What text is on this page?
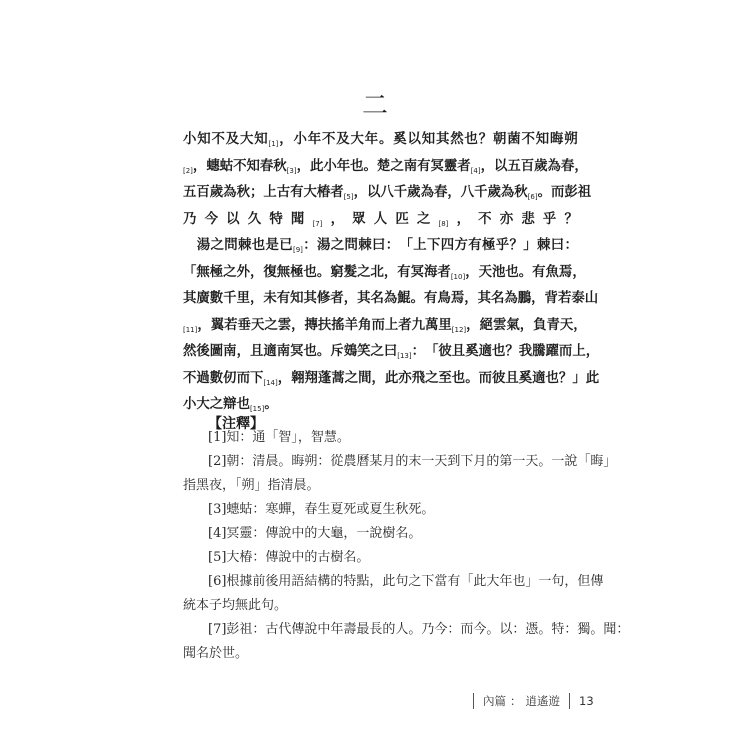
二
小 知 不 及 大 知 [1] ， 小 年 不 及 大 年 。 奚 以 知 其 然 也 ？ 朝 菌 不 知 晦 朔
[2] ， 蟪 蛄 不 知 春 秋 [3] ， 此 小 年 也 。 楚 之 南 有 冥 靈 者 [4] ， 以 五 百 歲 為 春 ，
五 百 歲 為 秋 ； 上 古 有 大 椿 者 [5] ， 以 八 千 歲 為 春 ， 八 千 歲 為 秋 [6] 。 而 彭 祖
乃 今 以 久 特 聞 [7] ， 眾 人 匹 之 [8] ， 不 亦 悲 乎 ？

湯 之 問 棘 也 是 已 [9] ： 湯 之 問 棘 曰 ： 「 上 下 四 方 有 極 乎 ？ 」 棘 曰 ：
「 無 極 之 外 ， 復 無 極 也 。 窮 髮 之 北 ， 有 冥 海 者 [10] ， 天 池 也 。 有 魚 焉 ，
其 廣 數 千 里 ， 未 有 知 其 修 者 ， 其 名 為 鯤 。 有 鳥 焉 ， 其 名 為 鵬 ， 背 若 泰 山
[11] ， 翼 若 垂 天 之 雲 ， 摶 扶 搖 羊 角 而 上 者 九 萬 里 [12] ， 絕 雲 氣 ， 負 青 天 ，
然 後 圖 南 ， 且 適 南 冥 也 。 斥 鴳 笑 之 曰 [13] ： 「 彼 且 奚 適 也 ？ 我 騰 躍 而 上 ，
不 過 數 仞 而 下 [14] ， 翱 翔 蓬 蒿 之 間 ， 此 亦 飛 之 至 也 。 而 彼 且 奚 適 也 ？ 」 此
小 大 之 辯 也 [15] 。
【注釋】
[1]知：通「智」，智慧。
[2]朝：清晨。晦朔：從農曆某月的末一天到下月的第一天。一說「晦」
指黑夜，「朔」指清晨。
[3]蟪蛄：寒蟬，春生夏死或夏生秋死。
[4]冥靈：傳說中的大龜，一說樹名。
[5]大椿：傳說中的古樹名。
[6]根據前後用語結構的特點，此句之下當有「此大年也」一句，但傳
統本子均無此句。
[7]彭祖：古代傳說中年壽最長的人。乃今：而今。以：憑。特：獨。聞：
聞名於世。
內篇 ： 逍遙遊 13
